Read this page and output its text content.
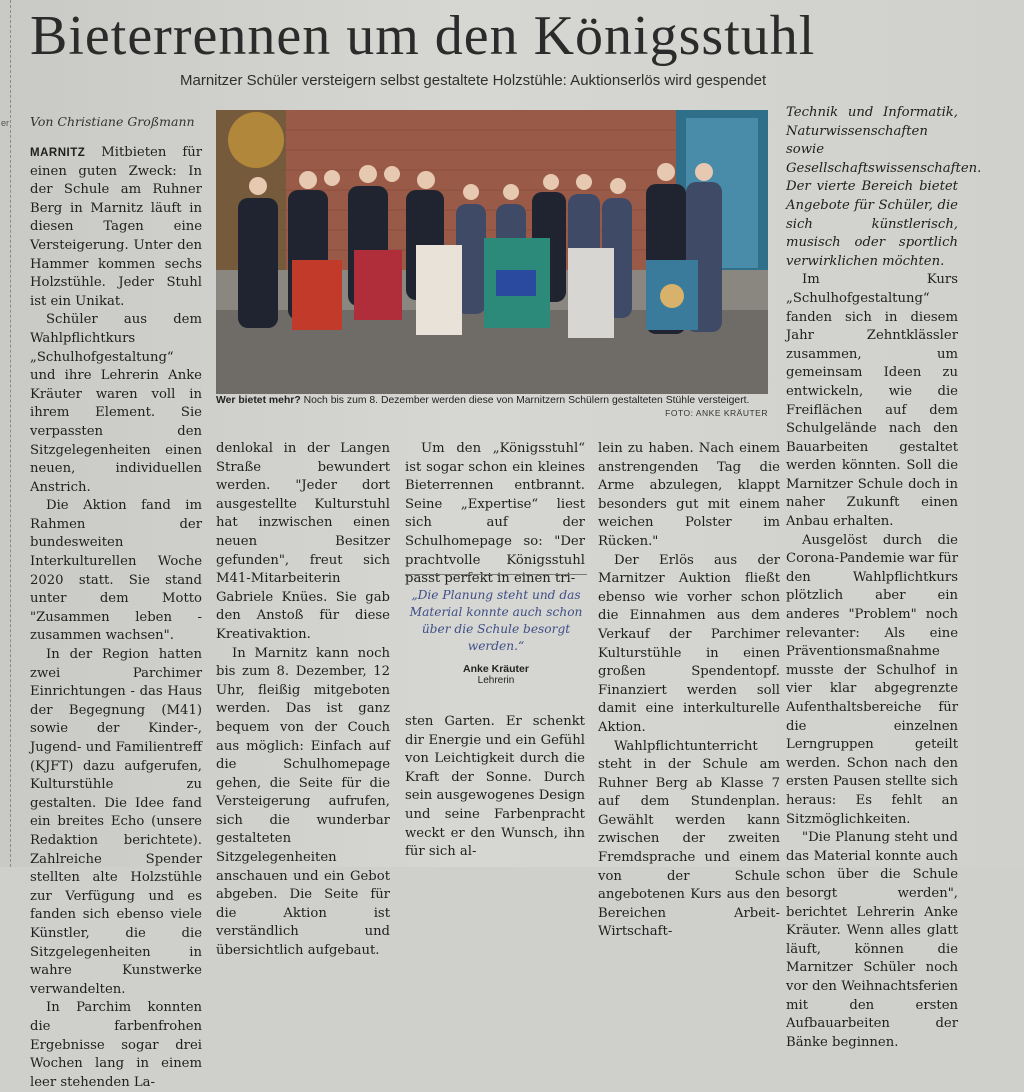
er
Bieterrennen um den Königsstuhl
Marnitzer Schüler versteigern selbst gestaltete Holzstühle: Auktionserlös wird gespendet
Von Christiane Großmann

MARNITZ Mitbieten für einen guten Zweck: In der Schule am Ruhner Berg in Marnitz läuft in diesen Tagen eine Versteigerung. Unter den Hammer kommen sechs Holzstühle. Jeder Stuhl ist ein Unikat.

Schüler aus dem Wahlpflichtkurs „Schulhofgestaltung“ und ihre Lehrerin Anke Kräuter waren voll in ihrem Element. Sie verpassten den Sitzgelegenheiten einen neuen, individuellen Anstrich.

Die Aktion fand im Rahmen der bundesweiten Interkulturellen Woche 2020 statt. Sie stand unter dem Motto "Zusammen leben - zusammen wachsen".

In der Region hatten zwei Parchimer Einrichtungen - das Haus der Begegnung (M41) sowie der Kinder-, Jugend- und Familientreff (KJFT) dazu aufgerufen, Kulturstühle zu gestalten. Die Idee fand ein breites Echo (unsere Redaktion berichtete). Zahlreiche Spender stellten alte Holzstühle zur Verfügung und es fanden sich ebenso viele Künstler, die die Sitzgelegenheiten in wahre Kunstwerke verwandelten.

In Parchim konnten die farbenfrohen Ergebnisse sogar drei Wochen lang in einem leer stehenden La-

Wer bietet mehr? Noch bis zum 8. Dezember werden diese von Marnitzern Schülern gestalteten Stühle versteigert.
FOTO: ANKE KRÄUTER

denlokal in der Langen Straße bewundert werden. "Jeder dort ausgestellte Kulturstuhl hat inzwischen einen neuen Besitzer gefunden", freut sich M41-Mitarbeiterin Gabriele Knües. Sie gab den Anstoß für diese Kreativaktion.

In Marnitz kann noch bis zum 8. Dezember, 12 Uhr, fleißig mitgeboten werden. Das ist ganz bequem von der Couch aus möglich: Einfach auf die Schulhomepage gehen, die Seite für die Versteigerung aufrufen, sich die wunderbar gestalteten Sitzgelegenheiten anschauen und ein Gebot abgeben. Die Seite für die Aktion ist verständlich und übersichtlich aufgebaut.

Um den „Königsstuhl“ ist sogar schon ein kleines Bieterrennen entbrannt. Seine „Expertise“ liest sich auf der Schulhomepage so: "Der prachtvolle Königsstuhl passt perfekt in einen tri-

„Die Planung steht und das Material konnte auch schon über die Schule besorgt werden.“
Anke Kräuter
Lehrerin

sten Garten. Er schenkt dir Energie und ein Gefühl von Leichtigkeit durch die Kraft der Sonne. Durch sein ausgewogenes Design und seine Farbenpracht weckt er den Wunsch, ihn für sich al-

lein zu haben. Nach einem anstrengenden Tag die Arme abzulegen, klappt besonders gut mit einem weichen Polster im Rücken."

Der Erlös aus der Marnitzer Auktion fließt ebenso wie vorher schon die Einnahmen aus dem Verkauf der Parchimer Kulturstühle in einen großen Spendentopf. Finanziert werden soll damit eine interkulturelle Aktion.

Wahlpflichtunterricht steht in der Schule am Ruhner Berg ab Klasse 7 auf dem Stundenplan. Gewählt werden kann zwischen der zweiten Fremdsprache und einem von der Schule angebotenen Kurs aus den Bereichen Arbeit-Wirtschaft-

Technik und Informatik, Naturwissenschaften sowie Gesellschaftswissenschaften. Der vierte Bereich bietet Angebote für Schüler, die sich künstlerisch, musisch oder sportlich verwirklichen möchten.

Im Kurs „Schulhofgestaltung“ fanden sich in diesem Jahr Zehntklässler zusammen, um gemeinsam Ideen zu entwickeln, wie die Freiflächen auf dem Schulgelände nach den Bauarbeiten gestaltet werden könnten. Soll die Marnitzer Schule doch in naher Zukunft einen Anbau erhalten.

Ausgelöst durch die Corona-Pandemie war für den Wahlpflichtkurs plötzlich aber ein anderes "Problem" noch relevanter: Als eine Präventionsmaßnahme musste der Schulhof in vier klar abgegrenzte Aufenthaltsbereiche für die einzelnen Lerngruppen geteilt werden. Schon nach den ersten Pausen stellte sich heraus: Es fehlt an Sitzmöglichkeiten.

"Die Planung steht und das Material konnte auch schon über die Schule besorgt werden", berichtet Lehrerin Anke Kräuter. Wenn alles glatt läuft, können die Marnitzer Schüler noch vor den Weihnachtsferien mit den ersten Aufbauarbeiten der Bänke beginnen.
